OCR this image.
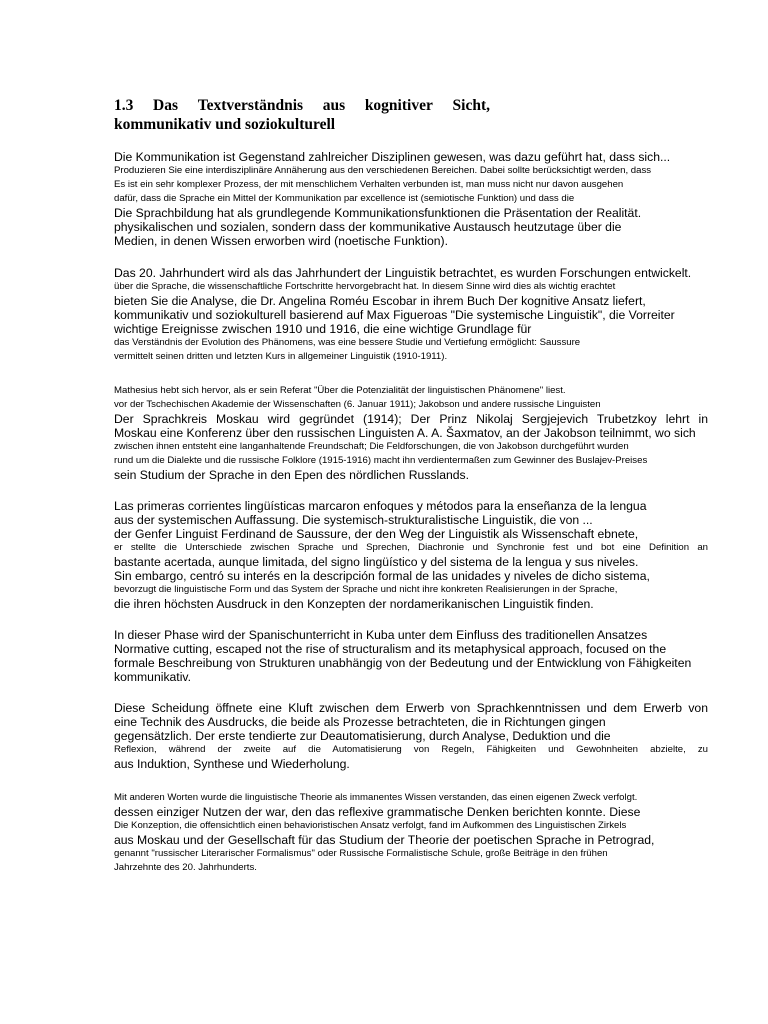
1.3 Das Textverständnis aus kognitiver Sicht,
kommunikativ und soziokulturell
Die Kommunikation ist Gegenstand zahlreicher Disziplinen gewesen, was dazu geführt hat, dass sich...
Produzieren Sie eine interdisziplinäre Annäherung aus den verschiedenen Bereichen. Dabei sollte berücksichtigt werden, dass
Es ist ein sehr komplexer Prozess, der mit menschlichem Verhalten verbunden ist, man muss nicht nur davon ausgehen
dafür, dass die Sprache ein Mittel der Kommunikation par excellence ist (semiotische Funktion) und dass die
Die Sprachbildung hat als grundlegende Kommunikationsfunktionen die Präsentation der Realität.
physikalischen und sozialen, sondern dass der kommunikative Austausch heutzutage über die
Medien, in denen Wissen erworben wird (noetische Funktion).
Das 20. Jahrhundert wird als das Jahrhundert der Linguistik betrachtet, es wurden Forschungen entwickelt.
über die Sprache, die wissenschaftliche Fortschritte hervorgebracht hat. In diesem Sinne wird dies als wichtig erachtet
bieten Sie die Analyse, die Dr. Angelina Roméu Escobar in ihrem Buch Der kognitive Ansatz liefert,
kommunikativ und soziokulturell basierend auf Max Figueroas "Die systemische Linguistik", die Vorreiter
wichtige Ereignisse zwischen 1910 und 1916, die eine wichtige Grundlage für
das Verständnis der Evolution des Phänomens, was eine bessere Studie und Vertiefung ermöglicht: Saussure
vermittelt seinen dritten und letzten Kurs in allgemeiner Linguistik (1910-1911).
Mathesius hebt sich hervor, als er sein Referat "Über die Potenzialität der linguistischen Phänomene" liest.
vor der Tschechischen Akademie der Wissenschaften (6. Januar 1911); Jakobson und andere russische Linguisten
Der Sprachkreis Moskau wird gegründet (1914); Der Prinz Nikolaj Sergjejevich Trubetzkoy lehrt in
Moskau eine Konferenz über den russischen Linguisten A. A. Šaxmatov, an der Jakobson teilnimmt, wo sich
zwischen ihnen entsteht eine langanhaltende Freundschaft; Die Feldforschungen, die von Jakobson durchgeführt wurden
rund um die Dialekte und die russische Folklore (1915-1916) macht ihn verdientermaßen zum Gewinner des Buslajev-Preises
sein Studium der Sprache in den Epen des nördlichen Russlands.
Las primeras corrientes lingüísticas marcaron enfoques y métodos para la enseñanza de la lengua
aus der systemischen Auffassung. Die systemisch-strukturalistische Linguistik, die von ...
der Genfer Linguist Ferdinand de Saussure, der den Weg der Linguistik als Wissenschaft ebnete,
er stellte die Unterschiede zwischen Sprache und Sprechen, Diachronie und Synchronie fest und bot eine Definition an
bastante acertada, aunque limitada, del signo lingüístico y del sistema de la lengua y sus niveles.
Sin embargo, centró su interés en la descripción formal de las unidades y niveles de dicho sistema,
bevorzugt die linguistische Form und das System der Sprache und nicht ihre konkreten Realisierungen in der Sprache,
die ihren höchsten Ausdruck in den Konzepten der nordamerikanischen Linguistik finden.
In dieser Phase wird der Spanischunterricht in Kuba unter dem Einfluss des traditionellen Ansatzes
Normative cutting, escaped not the rise of structuralism and its metaphysical approach, focused on the
formale Beschreibung von Strukturen unabhängig von der Bedeutung und der Entwicklung von Fähigkeiten
kommunikativ.
Diese Scheidung öffnete eine Kluft zwischen dem Erwerb von Sprachkenntnissen und dem Erwerb von
eine Technik des Ausdrucks, die beide als Prozesse betrachteten, die in Richtungen gingen
gegensätzlich. Der erste tendierte zur Deautomatisierung, durch Analyse, Deduktion und die
Reflexion, während der zweite auf die Automatisierung von Regeln, Fähigkeiten und Gewohnheiten abzielte, zu
aus Induktion, Synthese und Wiederholung.
Mit anderen Worten wurde die linguistische Theorie als immanentes Wissen verstanden, das einen eigenen Zweck verfolgt.
dessen einziger Nutzen der war, den das reflexive grammatische Denken berichten konnte. Diese
Die Konzeption, die offensichtlich einen behavioristischen Ansatz verfolgt, fand im Aufkommen des Linguistischen Zirkels
aus Moskau und der Gesellschaft für das Studium der Theorie der poetischen Sprache in Petrograd,
genannt "russischer Literarischer Formalismus" oder Russische Formalistische Schule, große Beiträge in den frühen
Jahrzehnte des 20. Jahrhunderts.
